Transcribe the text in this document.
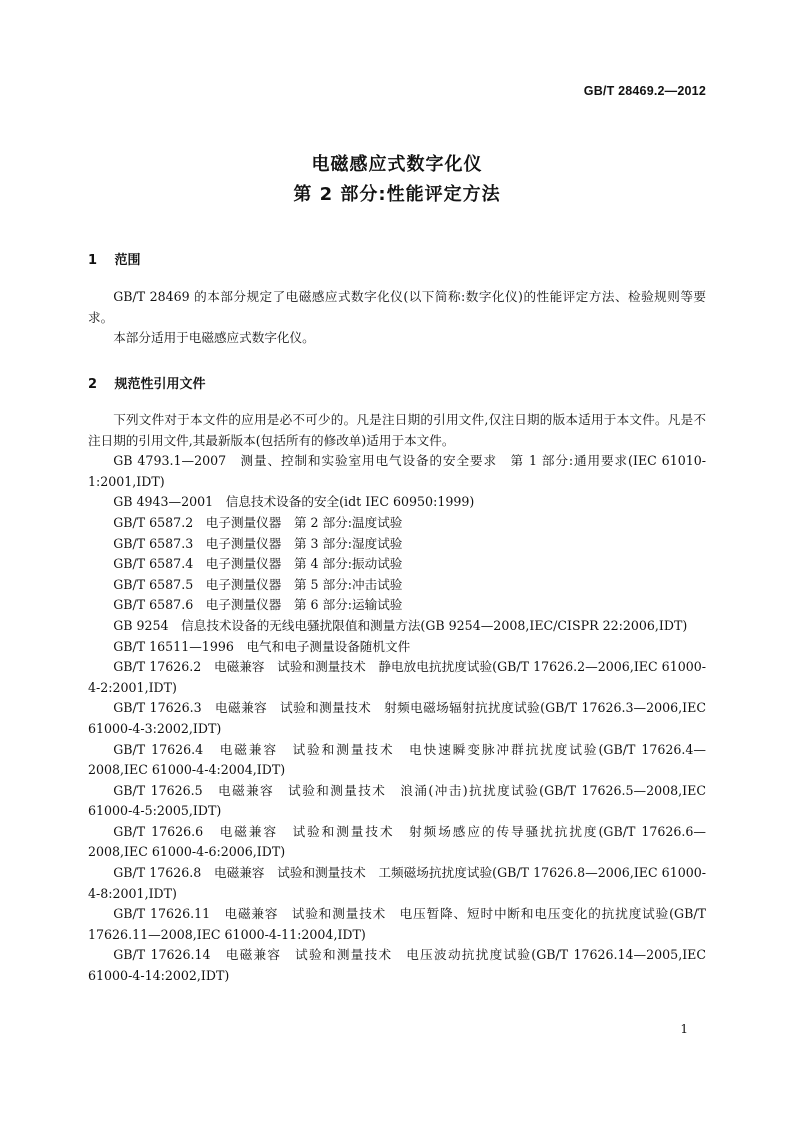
GB/T 28469.2—2012
电磁感应式数字化仪
第 2 部分:性能评定方法
1 范围

GB/T 28469 的本部分规定了电磁感应式数字化仪(以下简称:数字化仪)的性能评定方法、检验规则等要求。

本部分适用于电磁感应式数字化仪。

2 规范性引用文件

下列文件对于本文件的应用是必不可少的。凡是注日期的引用文件,仅注日期的版本适用于本文件。凡是不注日期的引用文件,其最新版本(包括所有的修改单)适用于本文件。

GB 4793.1—2007　测量、控制和实验室用电气设备的安全要求　第 1 部分:通用要求(IEC 61010-1:2001,IDT)

GB 4943—2001　信息技术设备的安全(idt IEC 60950:1999)

GB/T 6587.2　电子测量仪器　第 2 部分:温度试验

GB/T 6587.3　电子测量仪器　第 3 部分:湿度试验

GB/T 6587.4　电子测量仪器　第 4 部分:振动试验

GB/T 6587.5　电子测量仪器　第 5 部分:冲击试验

GB/T 6587.6　电子测量仪器　第 6 部分:运输试验

GB 9254　信息技术设备的无线电骚扰限值和测量方法(GB 9254—2008,IEC/CISPR 22:2006,IDT)

GB/T 16511—1996　电气和电子测量设备随机文件

GB/T 17626.2　电磁兼容　试验和测量技术　静电放电抗扰度试验(GB/T 17626.2—2006,IEC 61000-4-2:2001,IDT)

GB/T 17626.3　电磁兼容　试验和测量技术　射频电磁场辐射抗扰度试验(GB/T 17626.3—2006,IEC 61000-4-3:2002,IDT)

GB/T 17626.4　电磁兼容　试验和测量技术　电快速瞬变脉冲群抗扰度试验(GB/T 17626.4—2008,IEC 61000-4-4:2004,IDT)

GB/T 17626.5　电磁兼容　试验和测量技术　浪涌(冲击)抗扰度试验(GB/T 17626.5—2008,IEC 61000-4-5:2005,IDT)

GB/T 17626.6　电磁兼容　试验和测量技术　射频场感应的传导骚扰抗扰度(GB/T 17626.6—2008,IEC 61000-4-6:2006,IDT)

GB/T 17626.8　电磁兼容　试验和测量技术　工频磁场抗扰度试验(GB/T 17626.8—2006,IEC 61000-4-8:2001,IDT)

GB/T 17626.11　电磁兼容　试验和测量技术　电压暂降、短时中断和电压变化的抗扰度试验(GB/T 17626.11—2008,IEC 61000-4-11:2004,IDT)

GB/T 17626.14　电磁兼容　试验和测量技术　电压波动抗扰度试验(GB/T 17626.14—2005,IEC 61000-4-14:2002,IDT)

1
